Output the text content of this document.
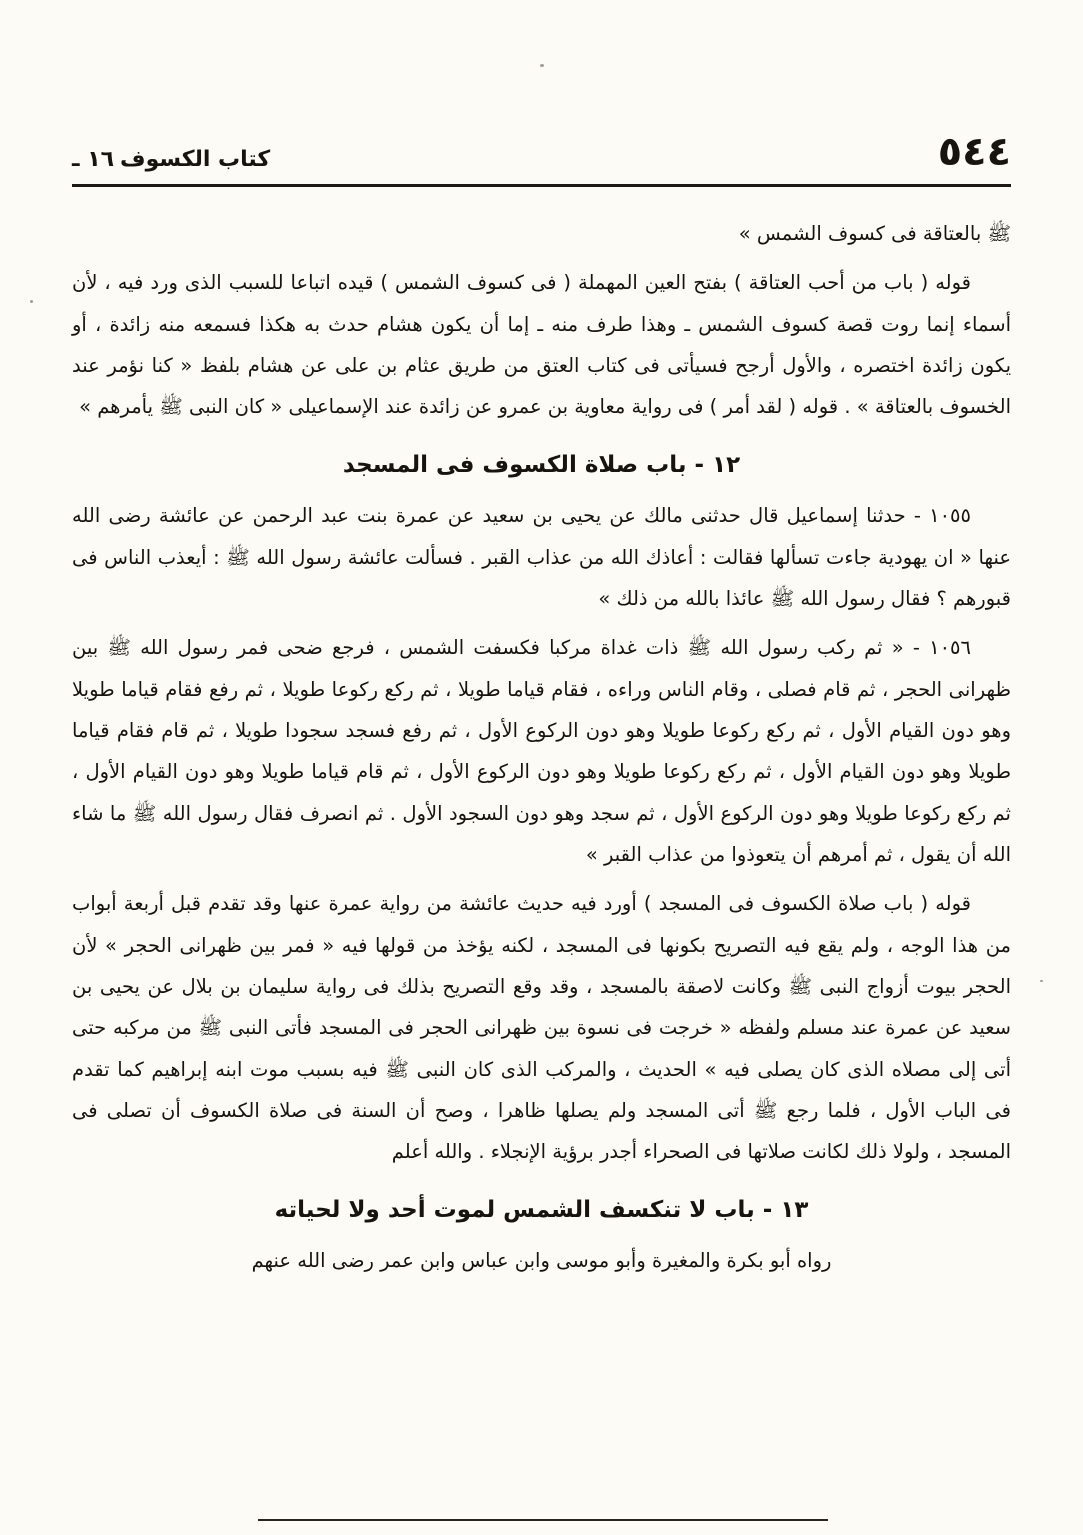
١٦ ـ كتاب الكسوف	٥٤٤

ﷺ بالعتاقة فى كسوف الشمس »

قوله ( باب من أحب العتاقة ) بفتح العين المهملة ( فى كسوف الشمس ) قيده اتباعا للسبب الذى ورد فيه ، لأن أسماء إنما روت قصة كسوف الشمس ـ وهذا طرف منه ـ إما أن يكون هشام حدث به هكذا فسمعه منه زائدة ، أو يكون زائدة اختصره ، والأول أرجح فسيأتى فى كتاب العتق من طريق عثام بن على عن هشام بلفظ « كنا نؤمر عند الخسوف بالعتاقة » . قوله ( لقد أمر ) فى رواية معاوية بن عمرو عن زائدة عند الإسماعيلى « كان النبى ﷺ يأمرهم »

١٢ - باب صلاة الكسوف فى المسجد

١٠٥٥ - حدثنا إسماعيل قال حدثنى مالك عن يحيى بن سعيد عن عمرة بنت عبد الرحمن عن عائشة رضى الله عنها « ان يهودية جاءت تسألها فقالت : أعاذك الله من عذاب القبر . فسألت عائشة رسول الله ﷺ : أيعذب الناس فى قبورهم ؟ فقال رسول الله ﷺ عائذا بالله من ذلك »

١٠٥٦ - « ثم ركب رسول الله ﷺ ذات غداة مركبا فكسفت الشمس ، فرجع ضحى فمر رسول الله ﷺ بين ظهرانى الحجر ، ثم قام فصلى ، وقام الناس وراءه ، فقام قياما طويلا ، ثم ركع ركوعا طويلا ، ثم رفع فقام قياما طويلا وهو دون القيام الأول ، ثم ركع ركوعا طويلا وهو دون الركوع الأول ، ثم رفع فسجد سجودا طويلا ، ثم قام فقام قياما طويلا وهو دون القيام الأول ، ثم ركع ركوعا طويلا وهو دون الركوع الأول ، ثم قام قياما طويلا وهو دون القيام الأول ، ثم ركع ركوعا طويلا وهو دون الركوع الأول ، ثم سجد وهو دون السجود الأول . ثم انصرف فقال رسول الله ﷺ ما شاء الله أن يقول ، ثم أمرهم أن يتعوذوا من عذاب القبر »

قوله ( باب صلاة الكسوف فى المسجد ) أورد فيه حديث عائشة من رواية عمرة عنها وقد تقدم قبل أربعة أبواب من هذا الوجه ، ولم يقع فيه التصريح بكونها فى المسجد ، لكنه يؤخذ من قولها فيه « فمر بين ظهرانى الحجر » لأن الحجر بيوت أزواج النبى ﷺ وكانت لاصقة بالمسجد ، وقد وقع التصريح بذلك فى رواية سليمان بن بلال عن يحيى بن سعيد عن عمرة عند مسلم ولفظه « خرجت فى نسوة بين ظهرانى الحجر فى المسجد فأتى النبى ﷺ من مركبه حتى أتى إلى مصلاه الذى كان يصلى فيه » الحديث ، والمركب الذى كان النبى ﷺ فيه بسبب موت ابنه إبراهيم كما تقدم فى الباب الأول ، فلما رجع ﷺ أتى المسجد ولم يصلها ظاهرا ، وصح أن السنة فى صلاة الكسوف أن تصلى فى المسجد ، ولولا ذلك لكانت صلاتها فى الصحراء أجدر برؤية الإنجلاء . والله أعلم

١٣ - باب لا تنكسف الشمس لموت أحد ولا لحياته

رواه أبو بكرة والمغيرة وأبو موسى وابن عباس وابن عمر رضى الله عنهم
